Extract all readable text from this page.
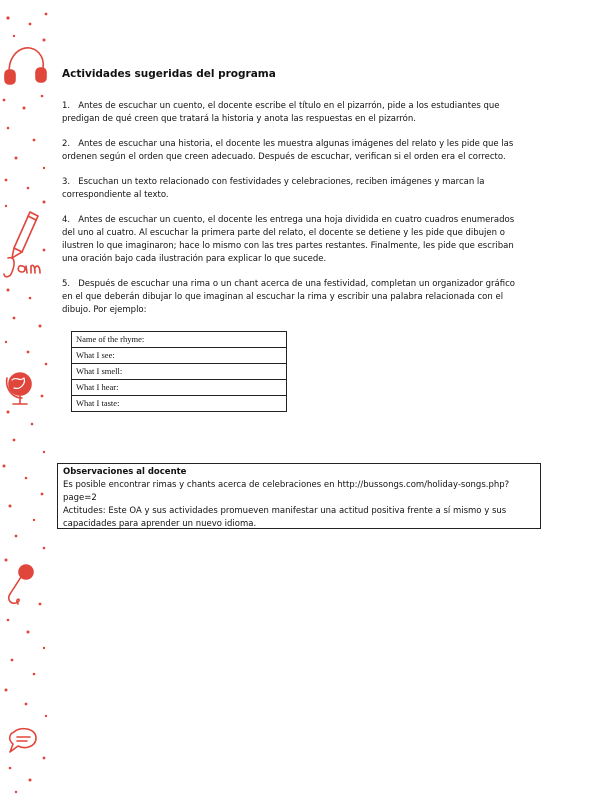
Actividades sugeridas del programa

1. Antes de escuchar un cuento, el docente escribe el título en el pizarrón, pide a los estudiantes que predigan de qué creen que tratará la historia y anota las respuestas en el pizarrón.

2. Antes de escuchar una historia, el docente les muestra algunas imágenes del relato y les pide que las ordenen según el orden que creen adecuado. Después de escuchar, verifican si el orden era el correcto.

3. Escuchan un texto relacionado con festividades y celebraciones, reciben imágenes y marcan la correspondiente al texto.

4. Antes de escuchar un cuento, el docente les entrega una hoja dividida en cuatro cuadros enumerados del uno al cuatro. Al escuchar la primera parte del relato, el docente se detiene y les pide que dibujen o ilustren lo que imaginaron; hace lo mismo con las tres partes restantes. Finalmente, les pide que escriban una oración bajo cada ilustración para explicar lo que sucede.

5. Después de escuchar una rima o un chant acerca de una festividad, completan un organizador gráfico en el que deberán dibujar lo que imaginan al escuchar la rima y escribir una palabra relacionada con el dibujo. Por ejemplo:

Name of the rhyme:
What I see:
What I smell:
What I hear:
What I taste:
Observaciones al docente
Es posible encontrar rimas y chants acerca de celebraciones en http://bussongs.com/holiday-songs.php?page=2
Actitudes: Este OA y sus actividades promueven manifestar una actitud positiva frente a sí mismo y sus capacidades para aprender un nuevo idioma.
